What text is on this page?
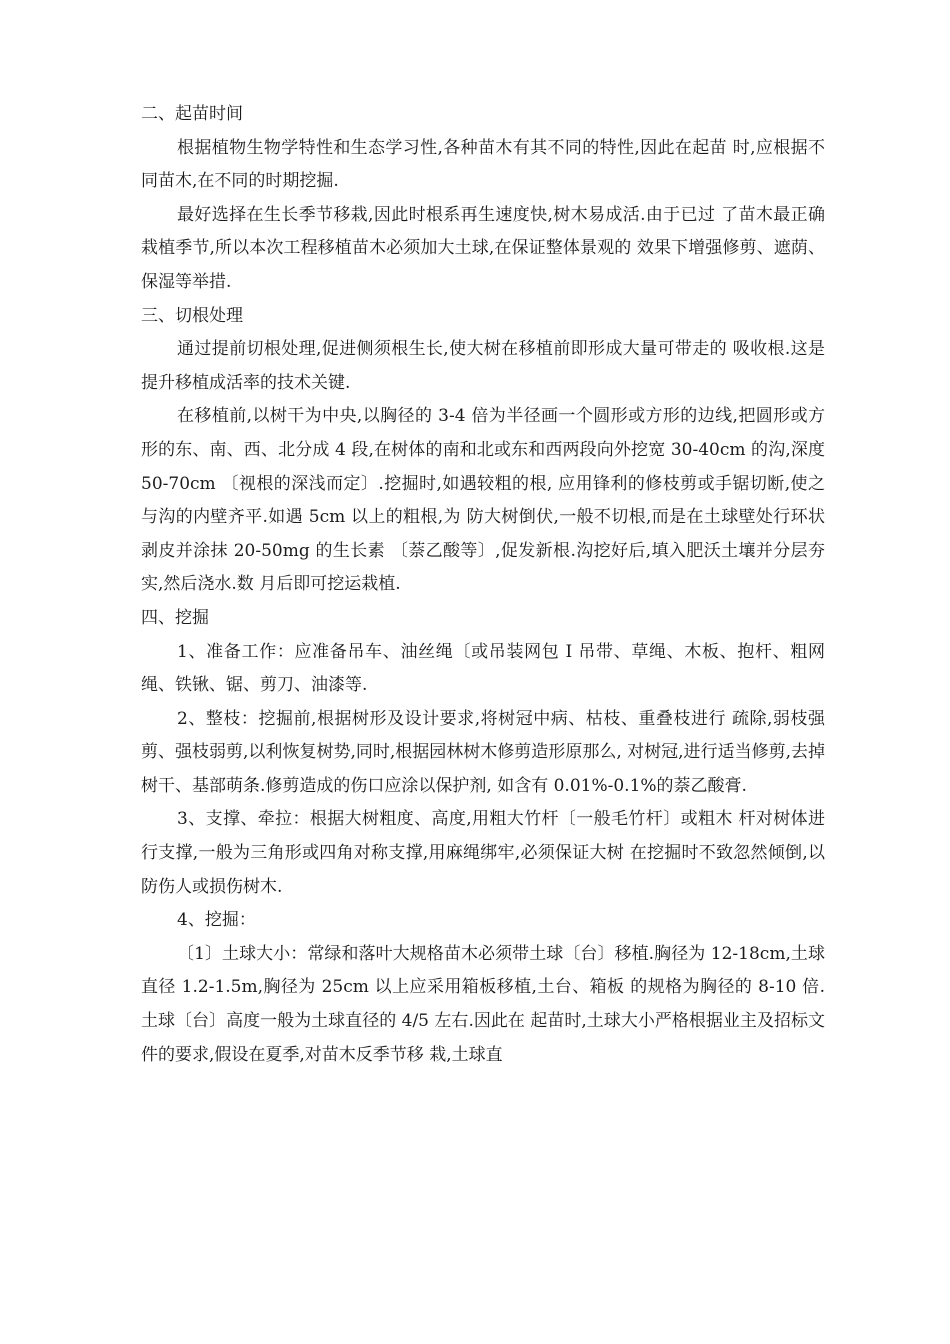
二、起苗时间

根据植物生物学特性和生态学习性,各种苗木有其不同的特性,因此在起苗 时,应根据不同苗木,在不同的时期挖掘.

最好选择在生长季节移栽,因此时根系再生速度快,树木易成活.由于已过 了苗木最正确栽植季节,所以本次工程移植苗木必须加大土球,在保证整体景观的 效果下增强修剪、遮荫、保湿等举措.

三、切根处理

通过提前切根处理,促进侧须根生长,使大树在移植前即形成大量可带走的 吸收根.这是提升移植成活率的技术关键.

在移植前,以树干为中央,以胸径的 3-4 倍为半径画一个圆形或方形的边线,把圆形或方形的东、南、西、北分成 4 段,在树体的南和北或东和西两段向外挖宽 30-40cm 的沟,深度 50-70cm 〔视根的深浅而定〕.挖掘时,如遇较粗的根, 应用锋利的修枝剪或手锯切断,使之与沟的内壁齐平.如遇 5cm 以上的粗根,为 防大树倒伏,一般不切根,而是在土球壁处行环状剥皮并涂抹 20-50mg 的生长素 〔萘乙酸等〕,促发新根.沟挖好后,填入肥沃土壤并分层夯实,然后浇水.数 月后即可挖运栽植.

四、挖掘

1、准备工作：应准备吊车、油丝绳〔或吊装网包 I 吊带、草绳、木板、抱杆、粗网绳、铁锹、锯、剪刀、油漆等.

2、整枝：挖掘前,根据树形及设计要求,将树冠中病、枯枝、重叠枝进行 疏除,弱枝强剪、强枝弱剪,以利恢复树势,同时,根据园林树木修剪造形原那么, 对树冠,进行适当修剪,去掉树干、基部萌条.修剪造成的伤口应涂以保护剂, 如含有 0.01%-0.1%的萘乙酸膏.

3、支撑、牵拉：根据大树粗度、高度,用粗大竹杆〔一般毛竹杆〕或粗木 杆对树体进行支撑,一般为三角形或四角对称支撑,用麻绳绑牢,必须保证大树 在挖掘时不致忽然倾倒,以防伤人或损伤树木.

4、挖掘：

〔1〕土球大小：常绿和落叶大规格苗木必须带土球〔台〕移植.胸径为 12-18cm,土球直径 1.2-1.5m,胸径为 25cm 以上应采用箱板移植,土台、箱板 的规格为胸径的 8-10 倍.土球〔台〕高度一般为土球直径的 4/5 左右.因此在 起苗时,土球大小严格根据业主及招标文件的要求,假设在夏季,对苗木反季节移 栽,土球直
